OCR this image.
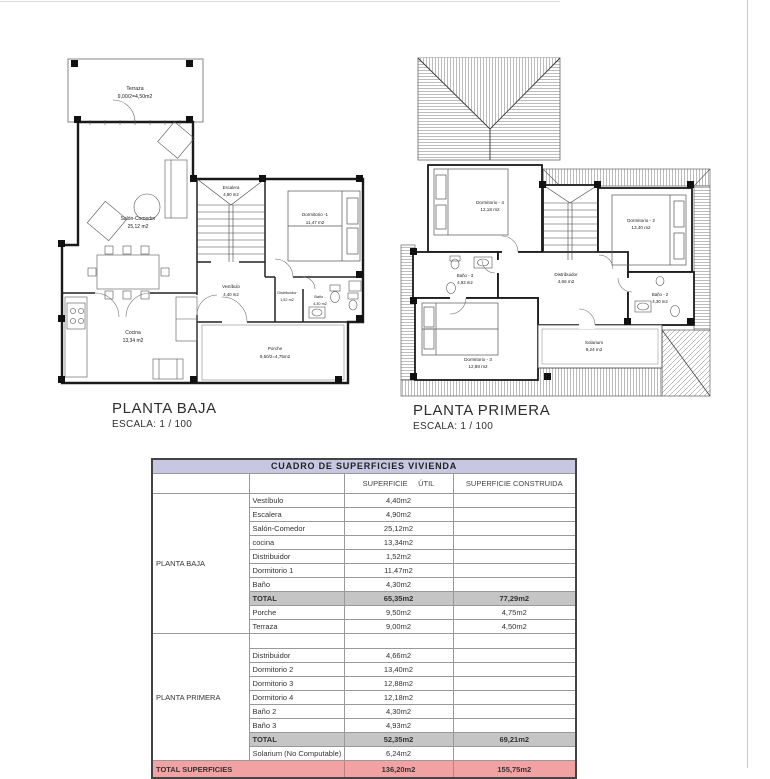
Terraza
9,00/2=4,50m2
Salón-Comedor
25,12 m2
Escalera
4,90 m2
Dormitorio -1
11,47 m2
Vestíbulo
4,40 m2	Distribuidor
1,52 m2
Baño -
4,30 m2
Cocina
13,34 m2
Porche
9,50/2=4,75m2
Dormitorio - 4
12,18 m2
Dormitorio - 2
13,40 m2
Baño - 3
4,93 m2
Distribuidor
4,66 m2
Baño - 2
4,30 m2
Dormitorio - 3
12,88 m2
Solarium
9,24 m2
PLANTA BAJA
ESCALA: 1 / 100
PLANTA PRIMERA
ESCALA: 1 / 100
CUADRO DE SUPERFICIES VIVIENDA			
		SUPERFICIE     ÚTIL	SUPERFICIE CONSTRUIDA
PLANTA BAJA	Vestíbulo	4,40m2	
	Escalera	4,90m2	
	Salón-Comedor	25,12m2	
	cocina	13,34m2	
	Distribuidor	1,52m2	
	Dormitorio 1	11,47m2	
	Baño	4,30m2	
	TOTAL	65,35m2	77,29m2
	Porche	9,50m2	4,75m2
	Terraza	9,00m2	4,50m2
PLANTA PRIMERA			
	Distribuidor	4,66m2	
	Dormitorio 2	13,40m2	
	Dormitorio 3	12,88m2	
	Dormitorio 4	12,18m2	
	Baño 2	4,30m2	
	Baño 3	4,93m2	
	TOTAL	52,35m2	69,21m2
	Solarium (No Computable)	6,24m2	
TOTAL SUPERFICIES		136,20m2	155,75m2
